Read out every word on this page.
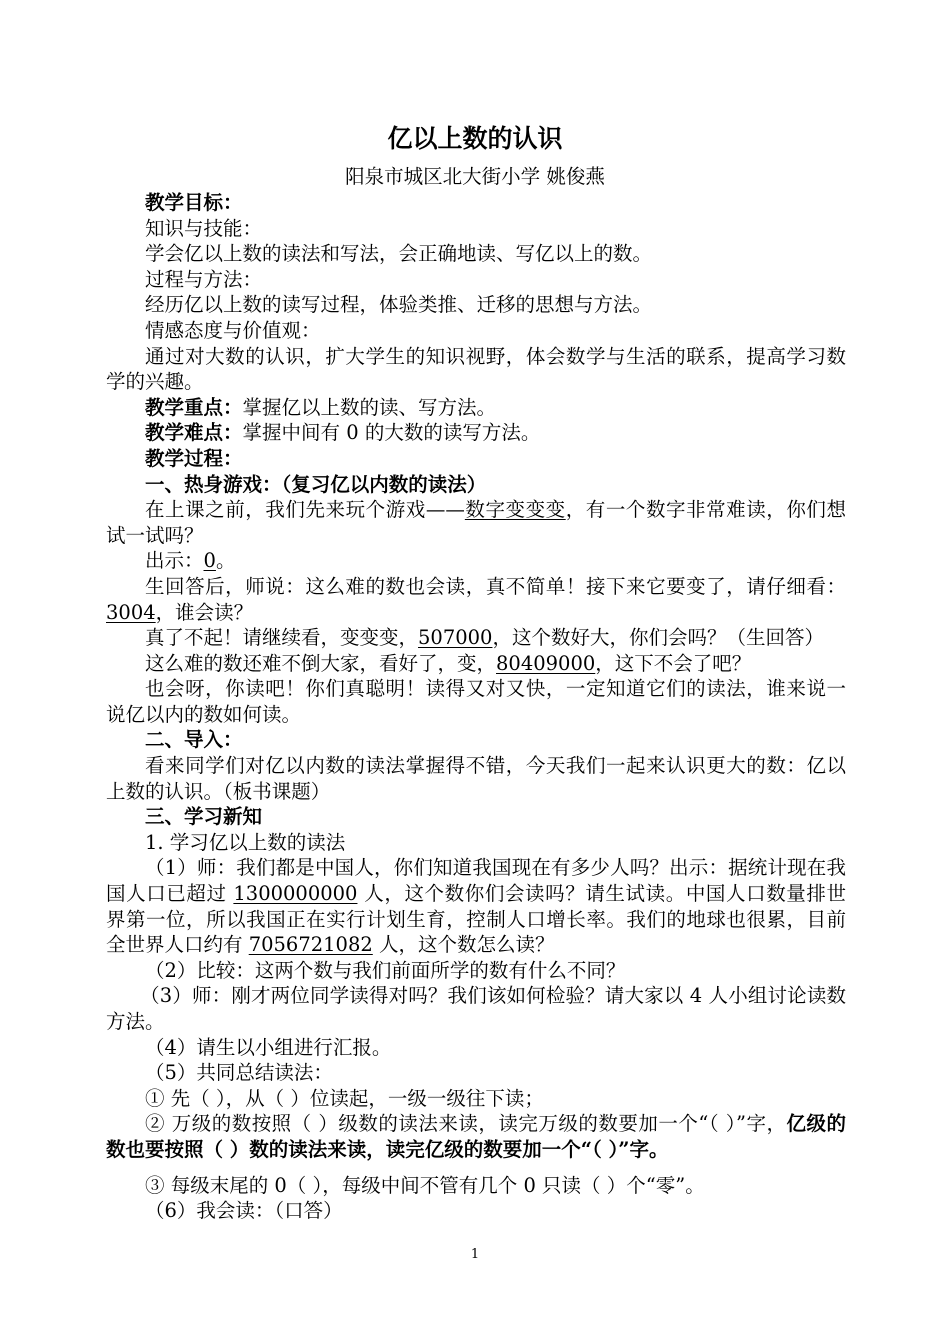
亿以上数的认识
阳泉市城区北大街小学 姚俊燕

教学目标：

知识与技能：

学会亿以上数的读法和写法，会正确地读、写亿以上的数。

过程与方法：

经历亿以上数的读写过程，体验类推、迁移的思想与方法。

情感态度与价值观：

通过对大数的认识，扩大学生的知识视野，体会数学与生活的联系，提高学习数学的兴趣。

教学重点：掌握亿以上数的读、写方法。

教学难点：掌握中间有 0 的大数的读写方法。

教学过程：

一、热身游戏：（复习亿以内数的读法）

在上课之前，我们先来玩个游戏——数字变变变，有一个数字非常难读，你们想试一试吗？

出示：0。

生回答后，师说：这么难的数也会读，真不简单！接下来它要变了，请仔细看：3004，谁会读？

真了不起！请继续看，变变变，507000，这个数好大，你们会吗？（生回答）

这么难的数还难不倒大家，看好了，变，80409000，这下不会了吧？

也会呀，你读吧！你们真聪明！读得又对又快，一定知道它们的读法，谁来说一说亿以内的数如何读。

二、导入：

看来同学们对亿以内数的读法掌握得不错，今天我们一起来认识更大的数：亿以上数的认识。（板书课题）

三、学习新知

1. 学习亿以上数的读法

（1）师：我们都是中国人，你们知道我国现在有多少人吗？出示：据统计现在我国人口已超过 1300000000 人，这个数你们会读吗？请生试读。中国人口数量排世界第一位，所以我国正在实行计划生育，控制人口增长率。我们的地球也很累，目前全世界人口约有 7056721082 人，这个数怎么读？

（2）比较：这两个数与我们前面所学的数有什么不同？

（3）师：刚才两位同学读得对吗？我们该如何检验？请大家以 4 人小组讨论读数方法。

（4）请生以小组进行汇报。

（5）共同总结读法：

① 先（ ），从（ ）位读起，一级一级往下读；

② 万级的数按照（ ）级数的读法来读，读完万级的数要加一个“（ ）”字，亿级的数也要按照（ ）数的读法来读，读完亿级的数要加一个“（ ）”字。

③ 每级末尾的 0（ ），每级中间不管有几个 0 只读（ ）个“零”。

（6）我会读：（口答）

1
